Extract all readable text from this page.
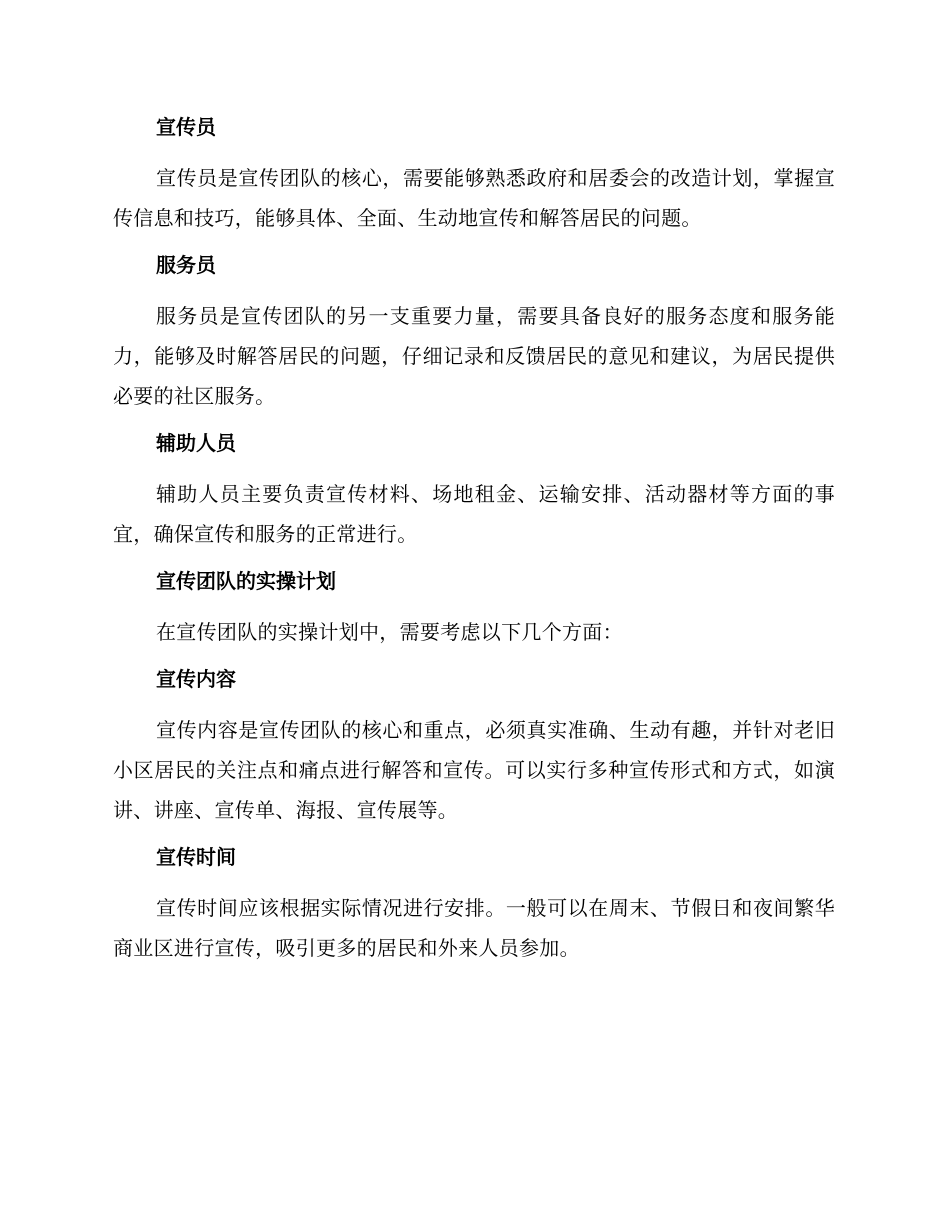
宣传员
宣传员是宣传团队的核心，需要能够熟悉政府和居委会的改造计划，掌握宣传信息和技巧，能够具体、全面、生动地宣传和解答居民的问题。
服务员
服务员是宣传团队的另一支重要力量，需要具备良好的服务态度和服务能力，能够及时解答居民的问题，仔细记录和反馈居民的意见和建议，为居民提供必要的社区服务。
辅助人员
辅助人员主要负责宣传材料、场地租金、运输安排、活动器材等方面的事宜，确保宣传和服务的正常进行。
宣传团队的实操计划
在宣传团队的实操计划中，需要考虑以下几个方面：
宣传内容
宣传内容是宣传团队的核心和重点，必须真实准确、生动有趣，并针对老旧小区居民的关注点和痛点进行解答和宣传。可以实行多种宣传形式和方式，如演讲、讲座、宣传单、海报、宣传展等。
宣传时间
宣传时间应该根据实际情况进行安排。一般可以在周末、节假日和夜间繁华商业区进行宣传，吸引更多的居民和外来人员参加。
